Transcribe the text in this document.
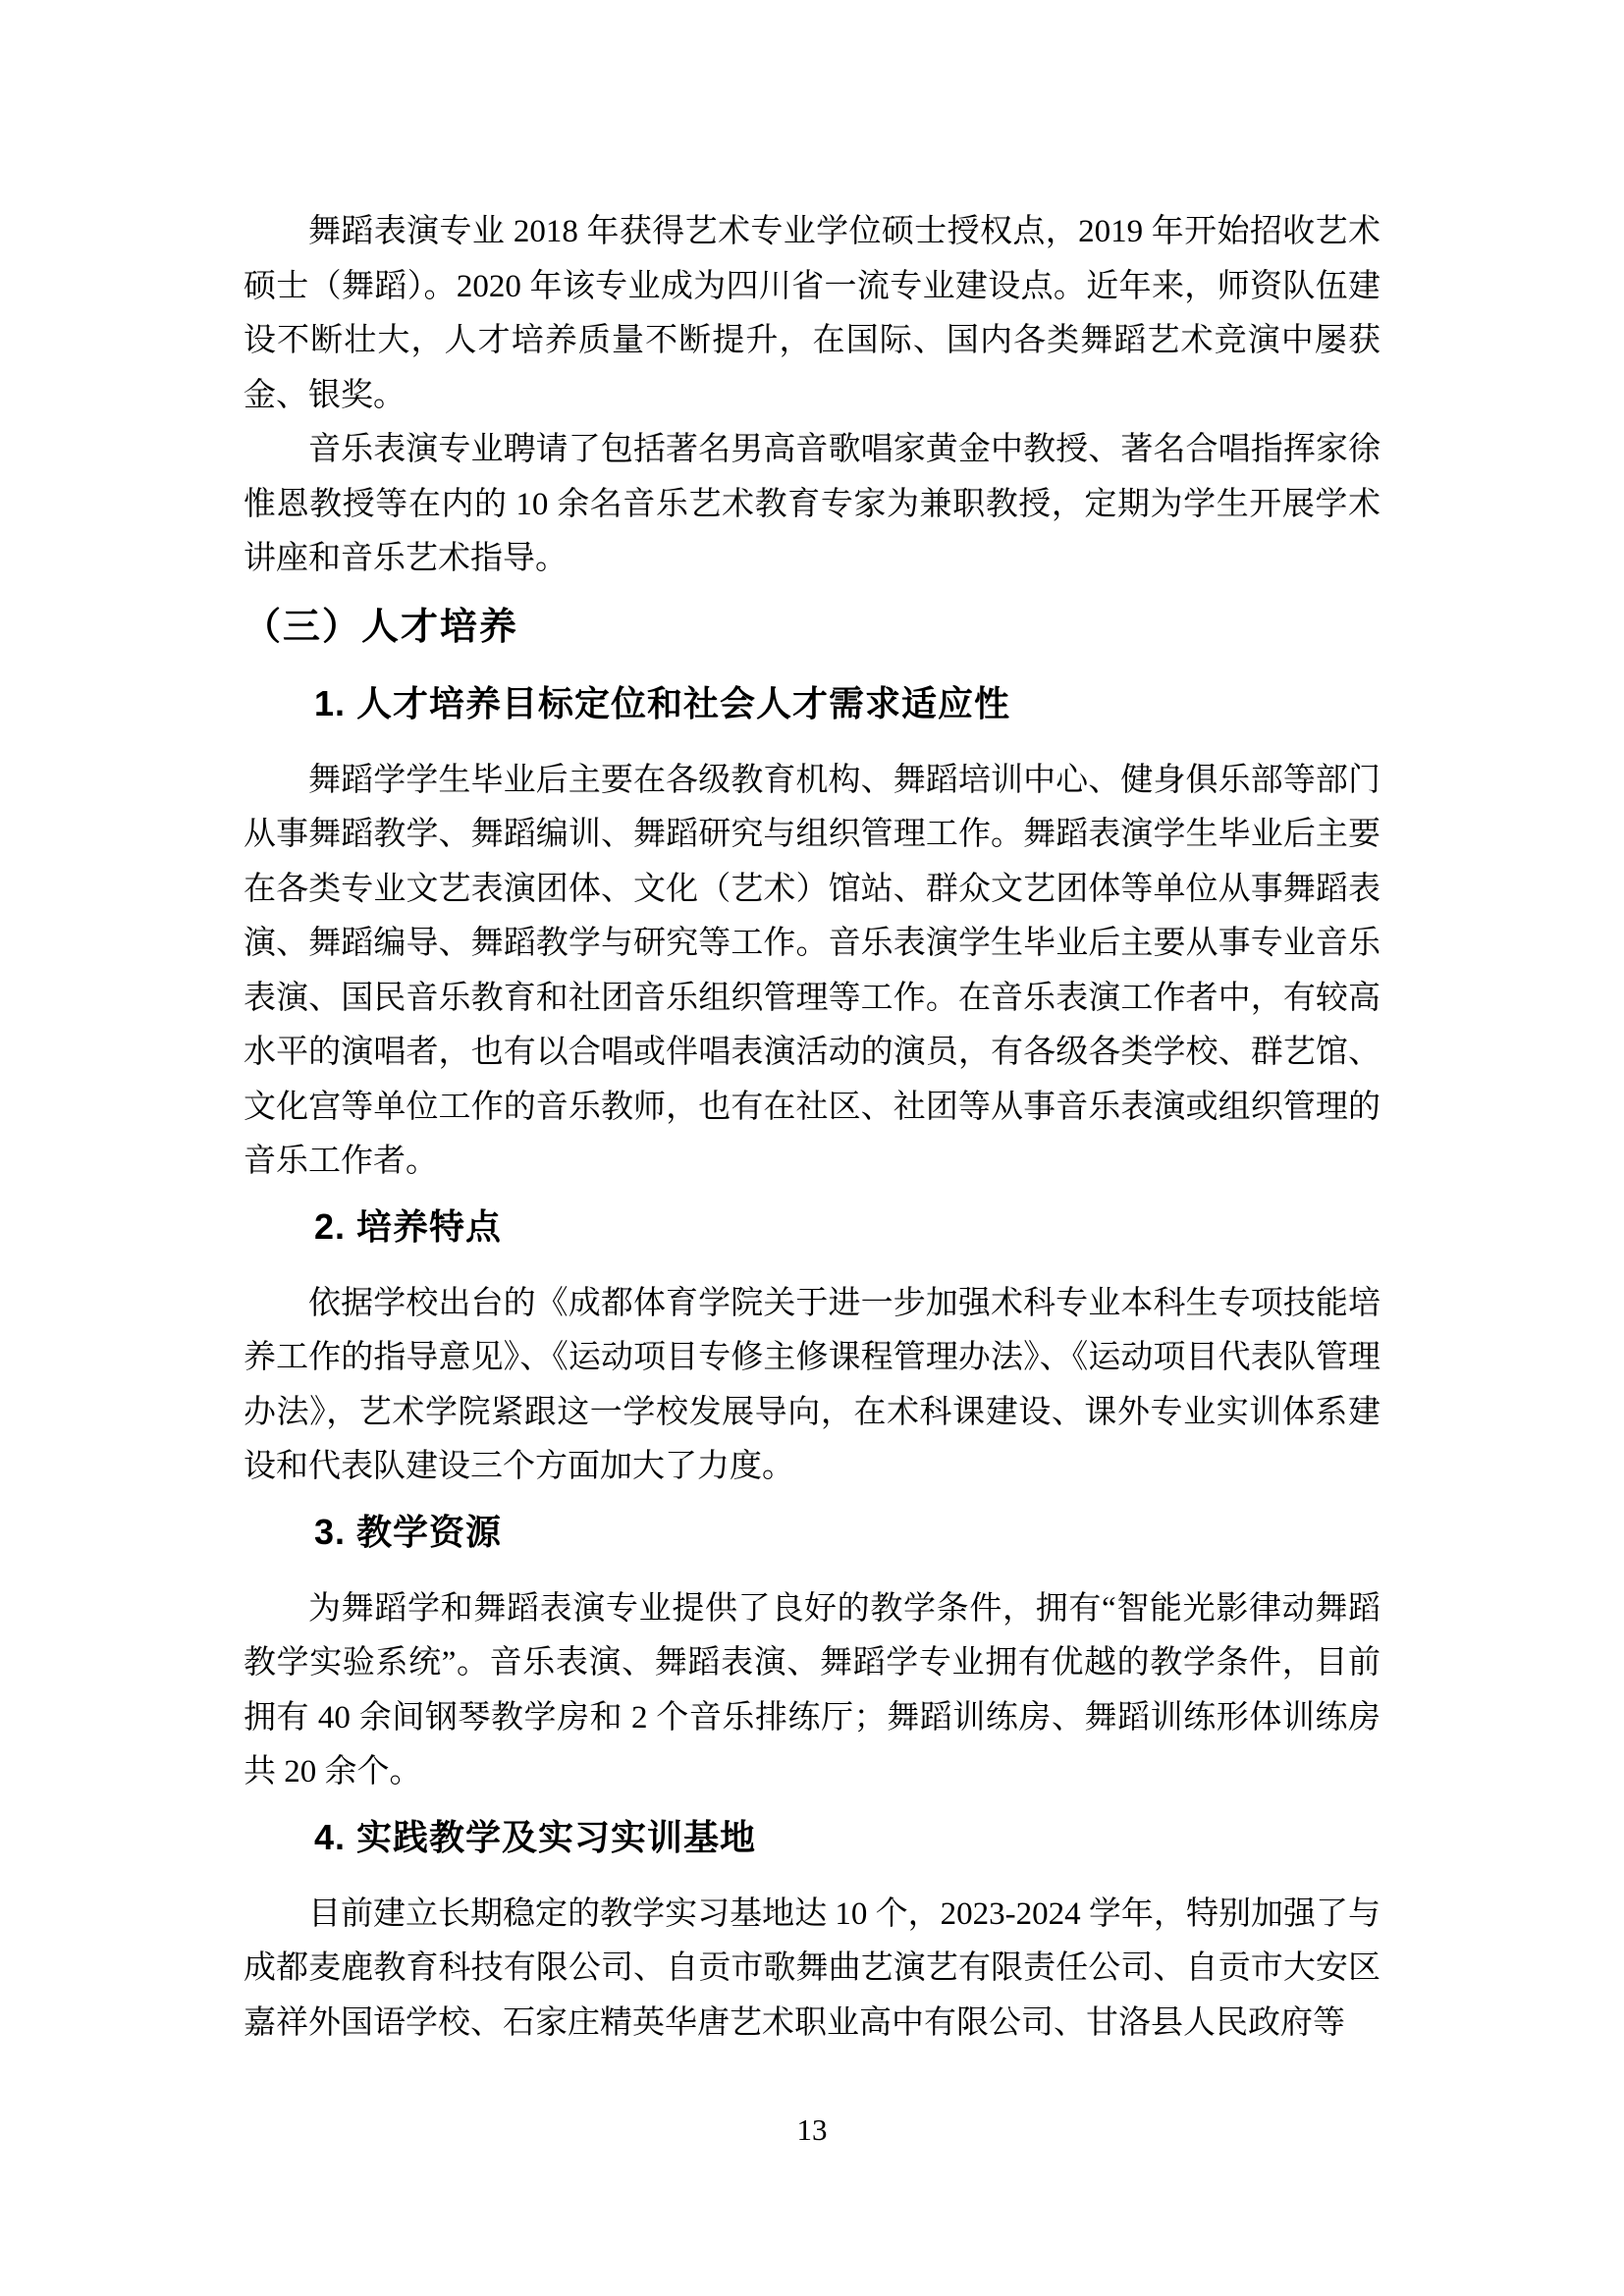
舞蹈表演专业 2018 年获得艺术专业学位硕士授权点，2019 年开始招收艺术硕士（舞蹈）。2020 年该专业成为四川省一流专业建设点。近年来，师资队伍建设不断壮大，人才培养质量不断提升，在国际、国内各类舞蹈艺术竞演中屡获金、银奖。

音乐表演专业聘请了包括著名男高音歌唱家黄金中教授、著名合唱指挥家徐惟恩教授等在内的 10 余名音乐艺术教育专家为兼职教授，定期为学生开展学术讲座和音乐艺术指导。

（三）人才培养
1. 人才培养目标定位和社会人才需求适应性

舞蹈学学生毕业后主要在各级教育机构、舞蹈培训中心、健身俱乐部等部门从事舞蹈教学、舞蹈编训、舞蹈研究与组织管理工作。舞蹈表演学生毕业后主要在各类专业文艺表演团体、文化（艺术）馆站、群众文艺团体等单位从事舞蹈表演、舞蹈编导、舞蹈教学与研究等工作。音乐表演学生毕业后主要从事专业音乐表演、国民音乐教育和社团音乐组织管理等工作。在音乐表演工作者中，有较高水平的演唱者，也有以合唱或伴唱表演活动的演员，有各级各类学校、群艺馆、文化宫等单位工作的音乐教师，也有在社区、社团等从事音乐表演或组织管理的音乐工作者。

2. 培养特点

依据学校出台的《成都体育学院关于进一步加强术科专业本科生专项技能培养工作的指导意见》、《运动项目专修主修课程管理办法》、《运动项目代表队管理办法》，艺术学院紧跟这一学校发展导向，在术科课建设、课外专业实训体系建设和代表队建设三个方面加大了力度。

3. 教学资源

为舞蹈学和舞蹈表演专业提供了良好的教学条件，拥有“智能光影律动舞蹈教学实验系统”。音乐表演、舞蹈表演、舞蹈学专业拥有优越的教学条件，目前拥有 40 余间钢琴教学房和 2 个音乐排练厅；舞蹈训练房、舞蹈训练形体训练房共 20 余个。

4. 实践教学及实习实训基地

目前建立长期稳定的教学实习基地达 10 个，2023-2024 学年，特别加强了与成都麦鹿教育科技有限公司、自贡市歌舞曲艺演艺有限责任公司、自贡市大安区嘉祥外国语学校、石家庄精英华唐艺术职业高中有限公司、甘洛县人民政府等

13
